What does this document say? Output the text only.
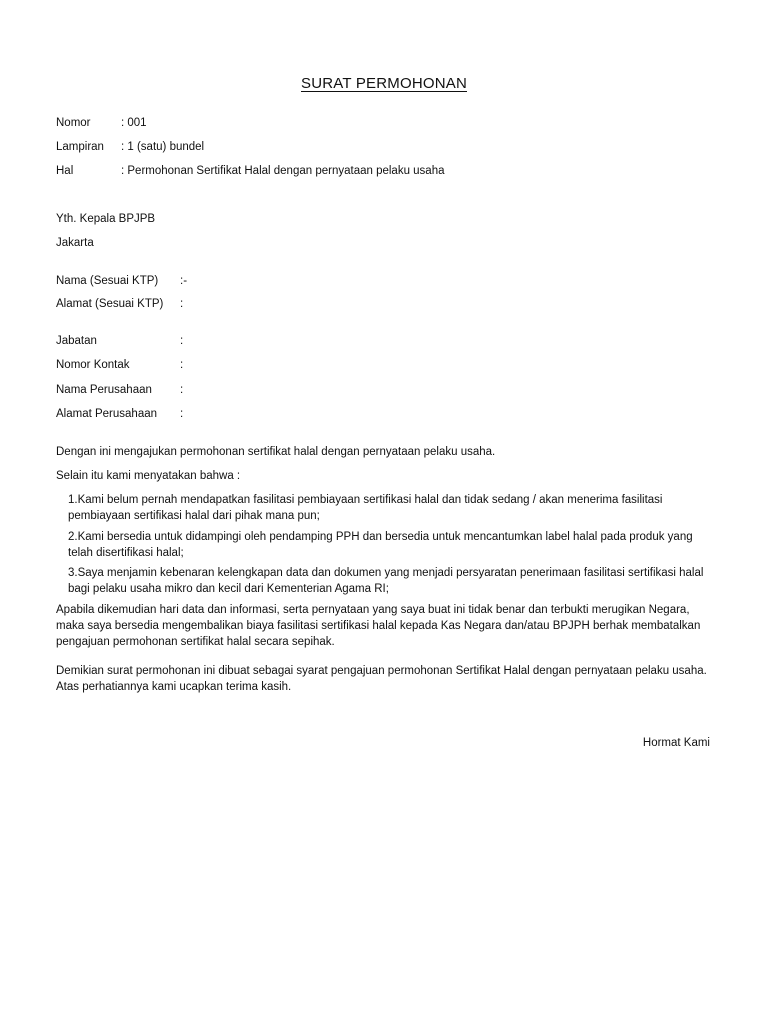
SURAT PERMOHONAN
Nomor	: 001
Lampiran : 1 (satu) bundel
Hal	: Permohonan Sertifikat Halal dengan pernyataan pelaku usaha
Yth. Kepala BPJPB
Jakarta
Nama (Sesuai KTP) :-
Alamat (Sesuai KTP) :
Jabatan	:
Nomor Kontak	:
Nama Perusahaan :
Alamat Perusahaan :
Dengan ini mengajukan permohonan sertifikat halal dengan pernyataan pelaku usaha.
Selain itu kami menyatakan bahwa :
1.Kami belum pernah mendapatkan fasilitasi pembiayaan sertifikasi halal dan tidak sedang / akan menerima fasilitasi pembiayaan sertifikasi halal dari pihak mana pun;
2.Kami bersedia untuk didampingi oleh pendamping PPH dan bersedia untuk mencantumkan label halal pada produk yang telah disertifikasi halal;
3.Saya menjamin kebenaran kelengkapan data dan dokumen yang menjadi persyaratan penerimaan fasilitasi sertifikasi halal bagi pelaku usaha mikro dan kecil dari Kementerian Agama RI;
Apabila dikemudian hari data dan informasi, serta pernyataan yang saya buat ini tidak benar dan terbukti merugikan Negara, maka saya bersedia mengembalikan biaya fasilitasi sertifikasi halal kepada Kas Negara dan/atau BPJPH berhak membatalkan pengajuan permohonan sertifikat halal secara sepihak.
Demikian surat permohonan ini dibuat sebagai syarat pengajuan permohonan Sertifikat Halal dengan pernyataan pelaku usaha. Atas perhatiannya kami ucapkan terima kasih.
Hormat Kami
